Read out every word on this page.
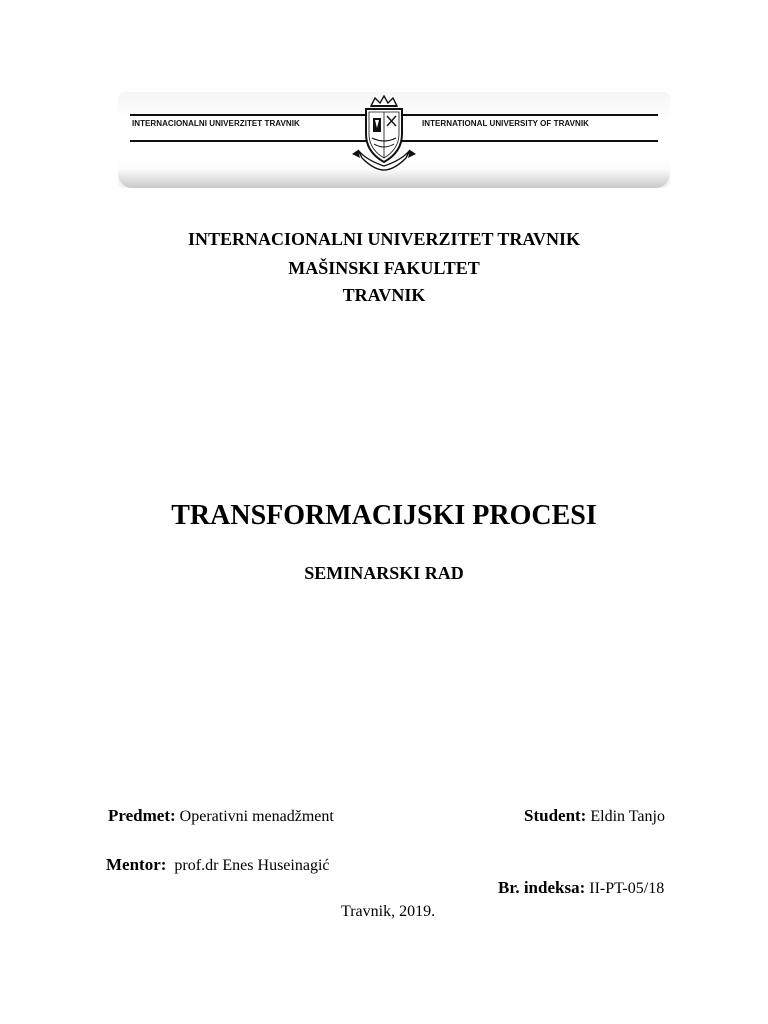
INTERNACIONALNI UNIVERZITET TRAVNIK	INTERNATIONAL UNIVERSITY OF TRAVNIK
INTERNACIONALNI UNIVERZITET TRAVNIK
MAŠINSKI FAKULTET
TRAVNIK
TRANSFORMACIJSKI PROCESI
SEMINARSKI RAD
Predmet: Operativni menadžment	Student: Eldin Tanjo
Mentor: prof.dr Enes Huseinagić
Br. indeksa: II-PT-05/18
Travnik, 2019.
